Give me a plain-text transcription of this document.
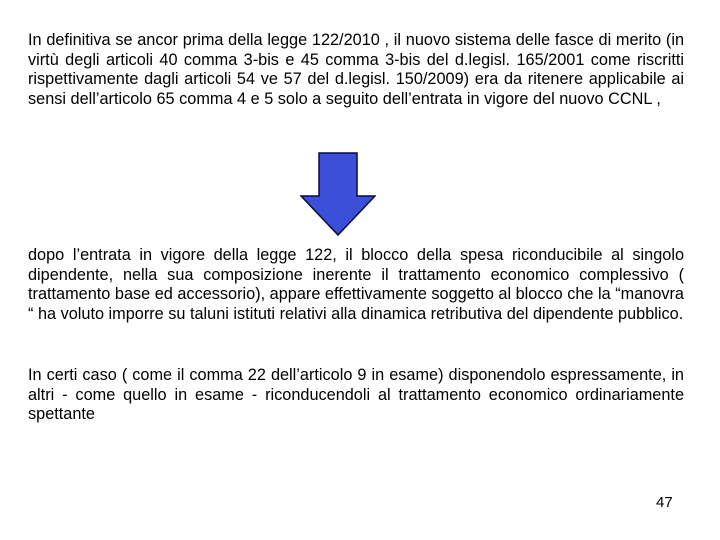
In definitiva se ancor prima della legge 122/2010 , il nuovo sistema delle fasce di merito (in virtù degli articoli 40 comma 3-bis e 45 comma 3-bis del d.legisl. 165/2001 come riscritti rispettivamente dagli articoli 54 ve 57 del d.legisl. 150/2009) era da ritenere applicabile ai sensi dell’articolo 65 comma 4 e 5 solo a seguito dell’entrata in vigore del nuovo CCNL ,

dopo l’entrata in vigore della legge 122, il blocco della spesa riconducibile al singolo dipendente, nella sua composizione inerente il trattamento economico complessivo ( trattamento base ed accessorio), appare effettivamente soggetto al blocco che la “manovra “ ha voluto imporre su taluni istituti relativi alla dinamica retributiva del dipendente pubblico.

In certi caso ( come il comma 22 dell’articolo 9 in esame) disponendolo espressamente, in altri - come quello in esame - riconducendoli al trattamento economico ordinariamente spettante

47
